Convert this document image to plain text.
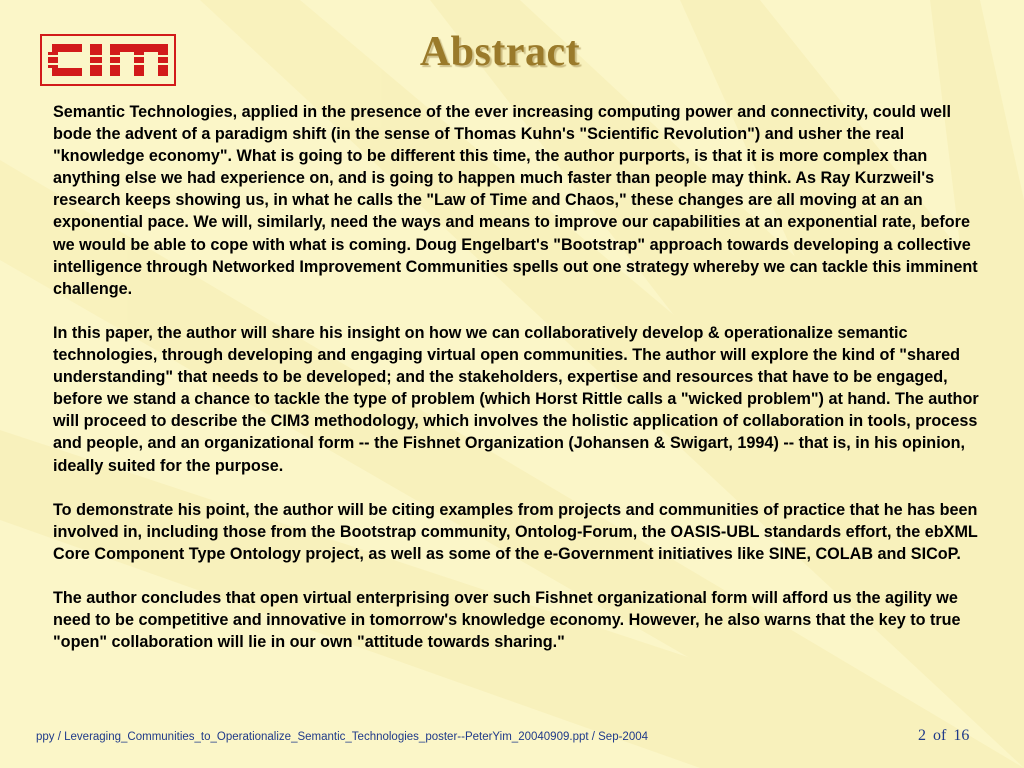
Abstract

Semantic Technologies, applied in the presence of the ever increasing computing power and connectivity, could well bode the advent of a paradigm shift (in the sense of Thomas Kuhn's "Scientific Revolution") and usher the real "knowledge economy". What is going to be different this time, the author purports, is that it is more complex than anything else we had experience on, and is going to happen much faster than people may think. As Ray Kurzweil's research keeps showing us, in what he calls the "Law of Time and Chaos," these changes are all moving at an an exponential pace. We will, similarly, need the ways and means to improve our capabilities at an exponential rate, before we would be able to cope with what is coming. Doug Engelbart's "Bootstrap" approach towards developing a collective intelligence through Networked Improvement Communities spells out one strategy whereby we can tackle this imminent challenge.

In this paper, the author will share his insight on how we can collaboratively develop & operationalize semantic technologies, through developing and engaging virtual open communities. The author will explore the kind of "shared understanding" that needs to be developed; and the stakeholders, expertise and resources that have to be engaged, before we stand a chance to tackle the type of problem (which Horst Rittle calls a "wicked problem") at hand. The author will proceed to describe the CIM3 methodology, which involves the holistic application of collaboration in tools, process and people, and an organizational form -- the Fishnet Organization (Johansen & Swigart, 1994) -- that is, in his opinion, ideally suited for the purpose.

To demonstrate his point, the author will be citing examples from projects and communities of practice that he has been involved in, including those from the Bootstrap community, Ontolog-Forum, the OASIS-UBL standards effort, the ebXML Core Component Type Ontology project, as well as some of the e-Government initiatives like SINE, COLAB and SICoP.

The author concludes that open virtual enterprising over such Fishnet organizational form will afford us the agility we need to be competitive and innovative in tomorrow's knowledge economy. However, he also warns that the key to true "open" collaboration will lie in our own "attitude towards sharing."

ppy / Leveraging_Communities_to_Operationalize_Semantic_Technologies_poster--PeterYim_20040909.ppt / Sep-2004	2 of 16
